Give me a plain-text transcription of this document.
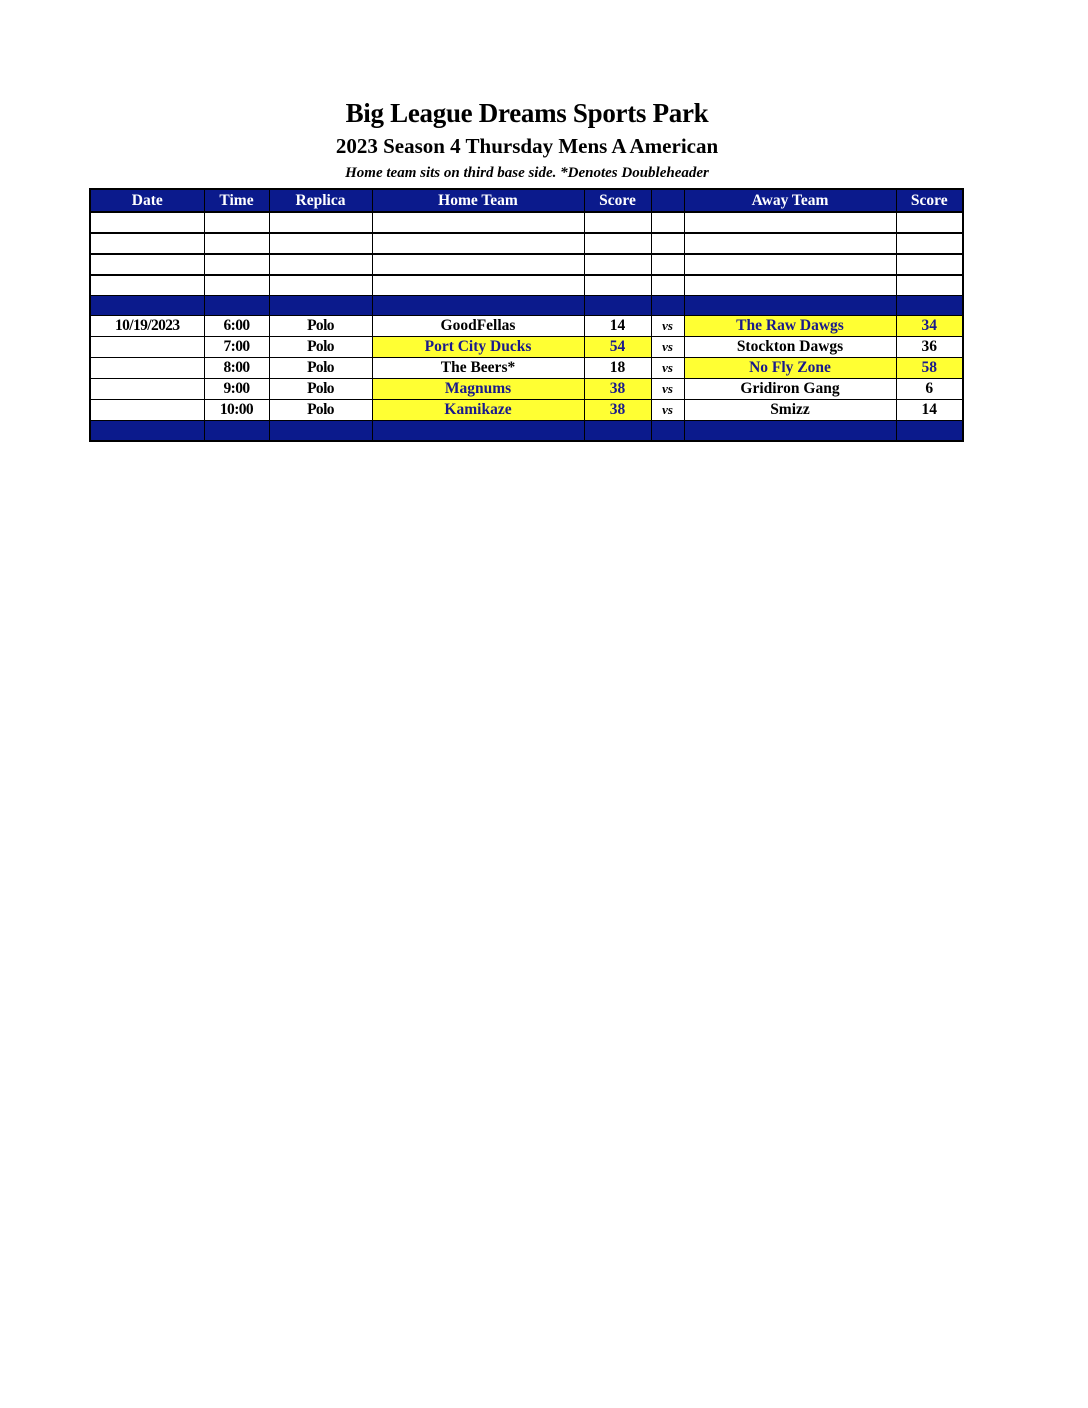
Big League Dreams Sports Park
2023 Season 4 Thursday Mens A American
Home team sits on third base side. *Denotes Doubleheader
Date	Time	Replica	Home Team	Score		Away Team	Score

10/19/2023	6:00	Polo	GoodFellas	14	vs	The Raw Dawgs	34
	7:00	Polo	Port City Ducks	54	vs	Stockton Dawgs	36
	8:00	Polo	The Beers*	18	vs	No Fly Zone	58
	9:00	Polo	Magnums	38	vs	Gridiron Gang	6
	10:00	Polo	Kamikaze	38	vs	Smizz	14
